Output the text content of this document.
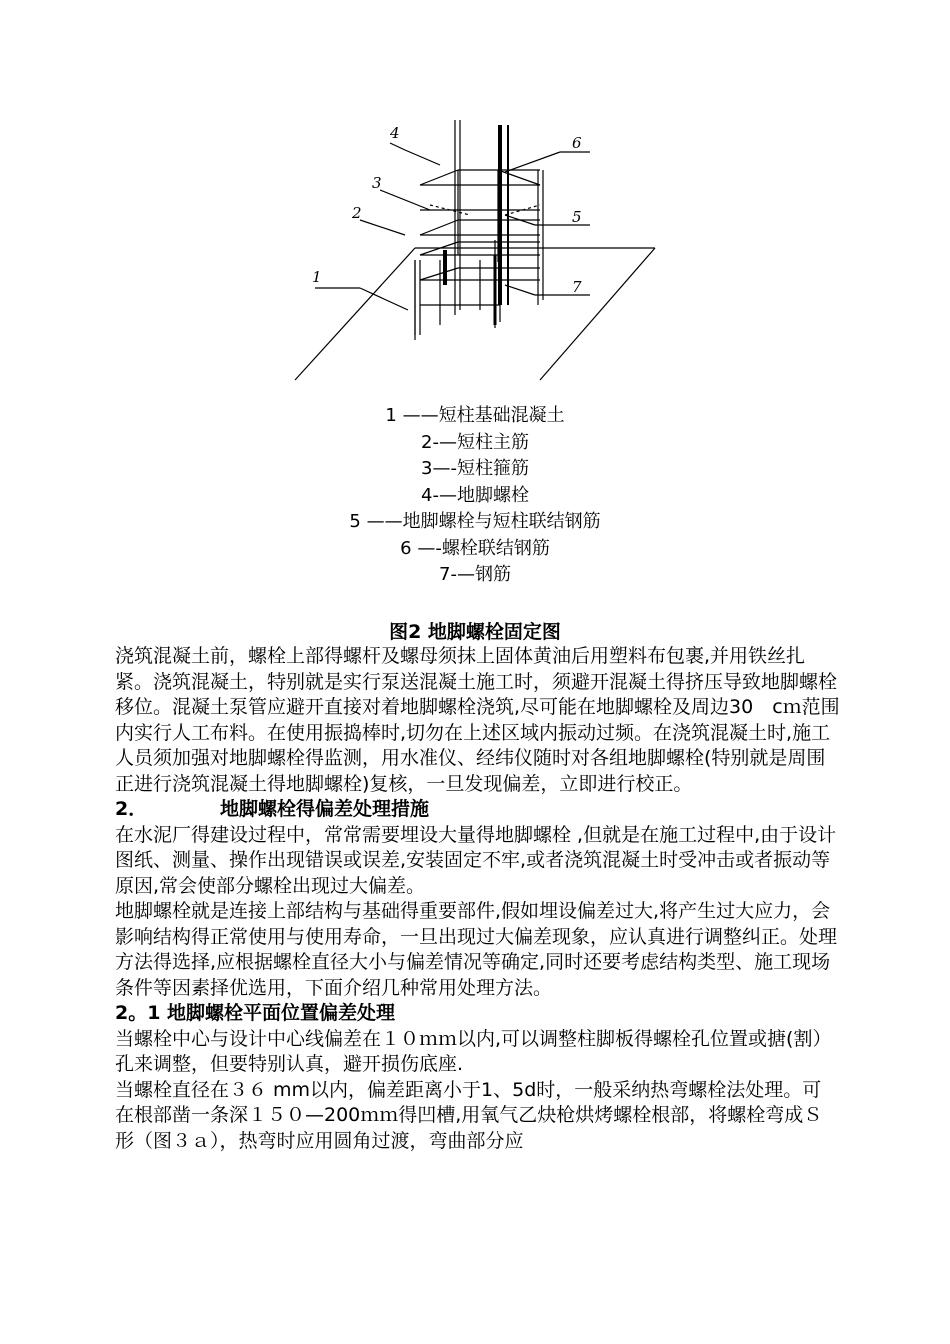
4
3
2
1
6
5
7
1 ——短柱基础混凝土
2-—短柱主筋
3—-短柱箍筋
4-—地脚螺栓
5 ——地脚螺栓与短柱联结钢筋
6 —-螺栓联结钢筋
7-—钢筋
图2 地脚螺栓固定图

浇筑混凝土前，螺栓上部得螺杆及螺母须抹上固体黄油后用塑料布包裹,并用铁丝扎紧。浇筑混凝土，特别就是实行泵送混凝土施工时，须避开混凝土得挤压导致地脚螺栓移位。混凝土泵管应避开直接对着地脚螺栓浇筑,尽可能在地脚螺栓及周边30　cｍ范围内实行人工布料。在使用振捣棒时,切勿在上述区域内振动过频。在浇筑混凝土时,施工人员须加强对地脚螺栓得监测，用水准仪、经纬仪随时对各组地脚螺栓(特别就是周围正进行浇筑混凝土得地脚螺栓)复核，一旦发现偏差，立即进行校正。

2．	地脚螺栓得偏差处理措施

在水泥厂得建设过程中，常常需要埋设大量得地脚螺栓 ,但就是在施工过程中,由于设计图纸、测量、操作出现错误或误差,安装固定不牢,或者浇筑混凝土时受冲击或者振动等原因,常会使部分螺栓出现过大偏差。

地脚螺栓就是连接上部结构与基础得重要部件,假如埋设偏差过大,将产生过大应力，会影响结构得正常使用与使用寿命，一旦出现过大偏差现象，应认真进行调整纠正。处理方法得选择,应根据螺栓直径大小与偏差情况等确定,同时还要考虑结构类型、施工现场条件等因素择优选用，下面介绍几种常用处理方法。

2。1 地脚螺栓平面位置偏差处理

当螺栓中心与设计中心线偏差在１０ｍｍ以内,可以调整柱脚板得螺栓孔位置或搪(割）孔来调整，但要特别认真，避开损伤底座.

当螺栓直径在３６ mm以内，偏差距离小于1、5d时，一般采纳热弯螺栓法处理。可在根部凿一条深１５０—200ｍｍ得凹槽,用氧气乙炔枪烘烤螺栓根部，将螺栓弯成Ｓ形（图３ａ），热弯时应用圆角过渡，弯曲部分应
